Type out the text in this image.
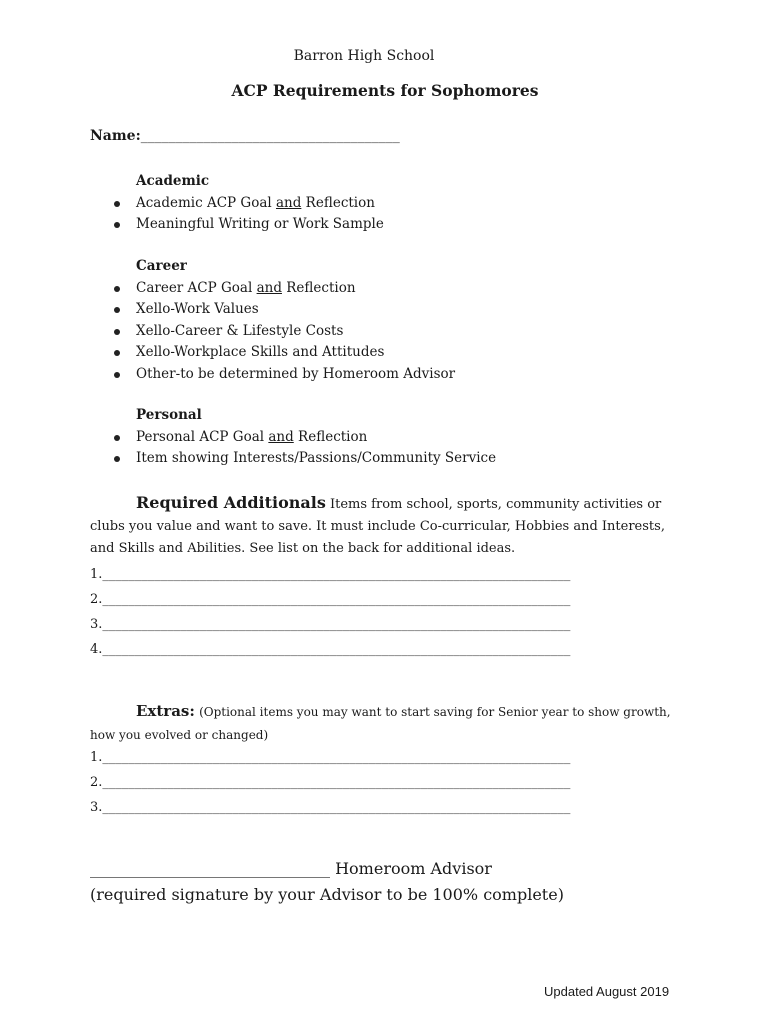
Barron High School
ACP Requirements for Sophomores
Name:_____________________________________
Academic
Academic ACP Goal and Reflection
Meaningful Writing or Work Sample
Career
Career ACP Goal and Reflection
Xello-Work Values
Xello-Career & Lifestyle Costs
Xello-Workplace Skills and Attitudes
Other-to be determined by Homeroom Advisor
Personal
Personal ACP Goal and Reflection
Item showing Interests/Passions/Community Service
Required Additionals Items from school, sports, community activities or clubs you value and want to save. It must include Co-curricular, Hobbies and Interests, and Skills and Abilities. See list on the back for additional ideas.
1.________________________________________________________________________
2.________________________________________________________________________
3.________________________________________________________________________
4.________________________________________________________________________
Extras: (Optional items you may want to start saving for Senior year to show growth, how you evolved or changed)
1.________________________________________________________________________
2.________________________________________________________________________
3.________________________________________________________________________
______________________________ Homeroom Advisor
(required signature by your Advisor to be 100% complete)
Updated August 2019
